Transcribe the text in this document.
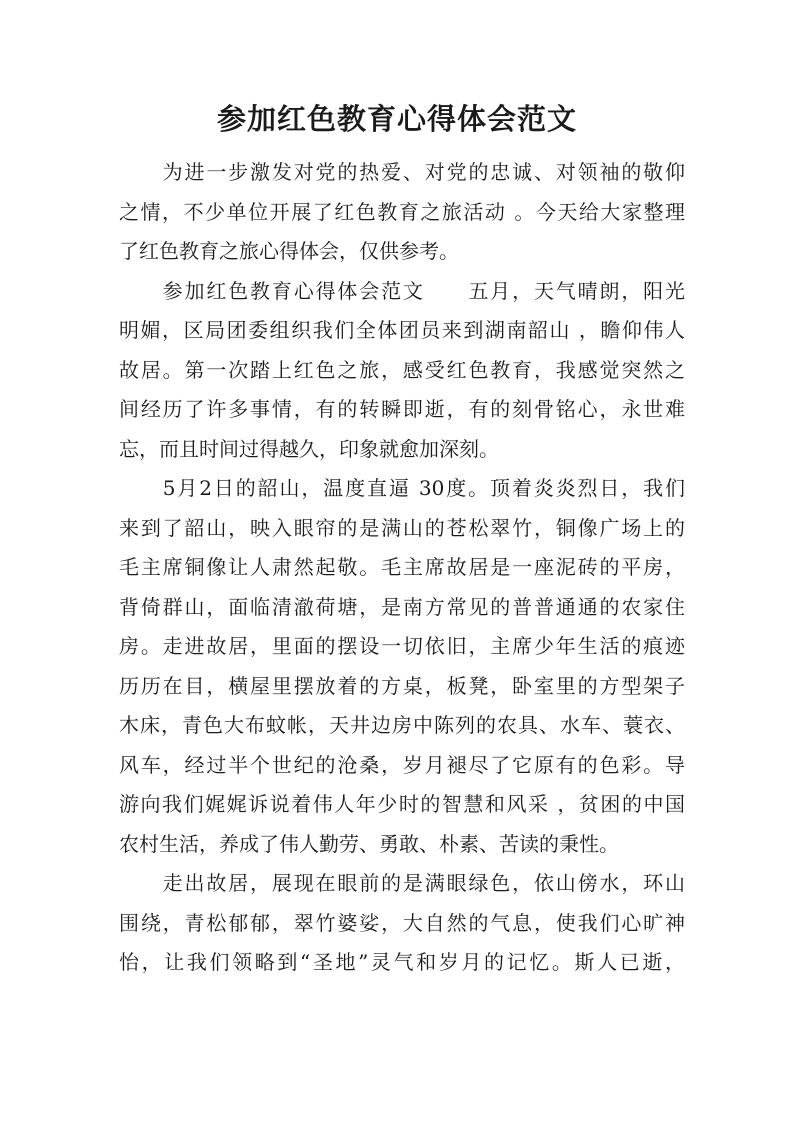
参加红色教育心得体会范文
　　为进一步激发对党的热爱、对党的忠诚、对领袖的敬仰
之情，不少单位开展了红色教育之旅活动 。今天给大家整理
了红色教育之旅心得体会，仅供参考。
　　参加红色教育心得体会范文　　五月，天气晴朗，阳光
明媚，区局团委组织我们全体团员来到湖南韶山 ，瞻仰伟人
故居。第一次踏上红色之旅，感受红色教育，我感觉突然之
间经历了许多事情，有的转瞬即逝，有的刻骨铭心，永世难
忘，而且时间过得越久，印象就愈加深刻。
　　5月2日的韶山，温度直逼 30度。顶着炎炎烈日，我们
来到了韶山，映入眼帘的是满山的苍松翠竹，铜像广场上的
毛主席铜像让人肃然起敬。毛主席故居是一座泥砖的平房，
背倚群山，面临清澈荷塘，是南方常见的普普通通的农家住
房。走进故居，里面的摆设一切依旧，主席少年生活的痕迹
历历在目，横屋里摆放着的方桌，板凳，卧室里的方型架子
木床，青色大布蚊帐，天井边房中陈列的农具、水车、蓑衣、
风车，经过半个世纪的沧桑，岁月褪尽了它原有的色彩。导
游向我们娓娓诉说着伟人年少时的智慧和风采 ，贫困的中国
农村生活，养成了伟人勤劳、勇敢、朴素、苦读的秉性。
　　走出故居，展现在眼前的是满眼绿色，依山傍水，环山
围绕，青松郁郁，翠竹婆娑，大自然的气息，使我们心旷神
怡，让我们领略到“圣地”灵气和岁月的记忆。斯人已逝，
